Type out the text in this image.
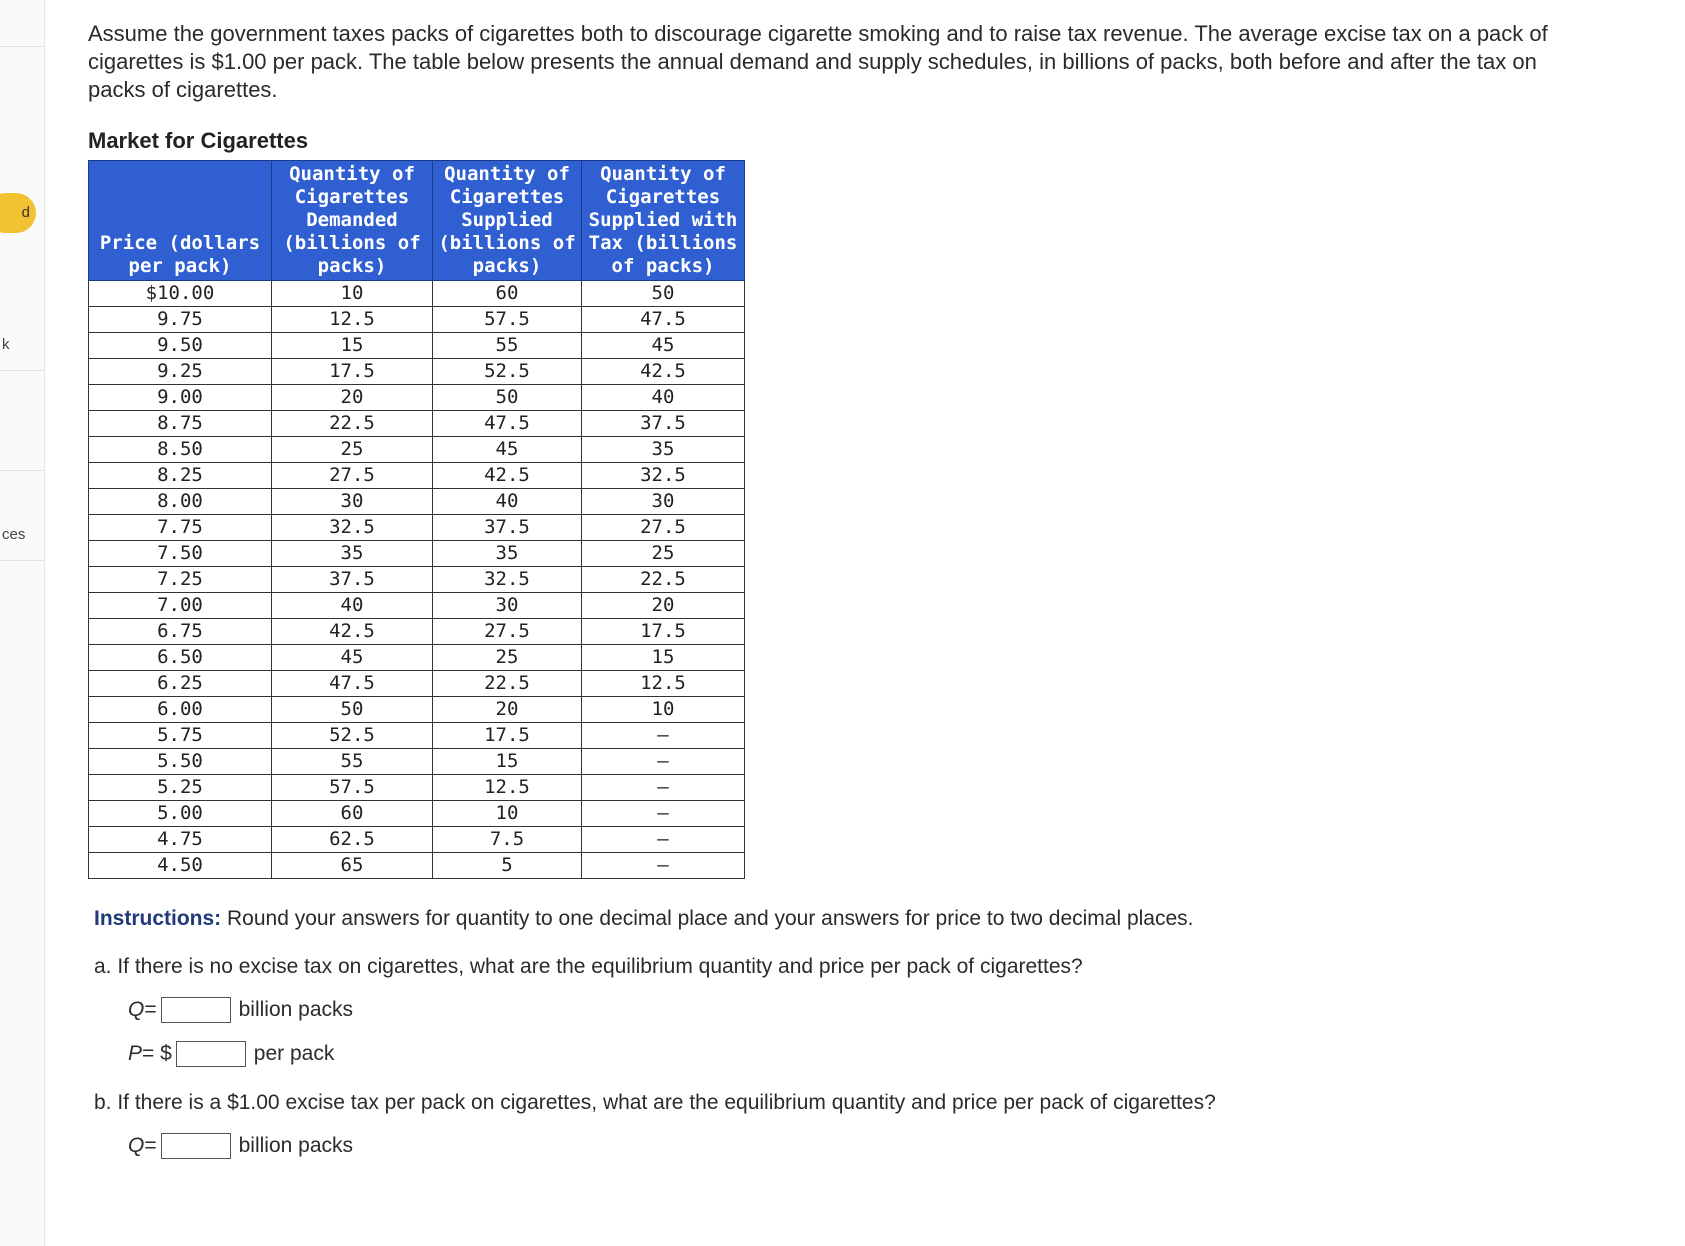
d
k
ces

Assume the government taxes packs of cigarettes both to discourage cigarette smoking and to raise tax revenue. The average excise tax on a pack of cigarettes is $1.00 per pack. The table below presents the annual demand and supply schedules, in billions of packs, both before and after the tax on packs of cigarettes.

Market for Cigarettes
Price (dollars per pack)	Quantity of Cigarettes Demanded (billions of packs)	Quantity of Cigarettes Supplied (billions of packs)	Quantity of Cigarettes Supplied with Tax (billions of packs)
$10.00	10	60	50
9.75	12.5	57.5	47.5
9.50	15	55	45
9.25	17.5	52.5	42.5
9.00	20	50	40
8.75	22.5	47.5	37.5
8.50	25	45	35
8.25	27.5	42.5	32.5
8.00	30	40	30
7.75	32.5	37.5	27.5
7.50	35	35	25
7.25	37.5	32.5	22.5
7.00	40	30	20
6.75	42.5	27.5	17.5
6.50	45	25	15
6.25	47.5	22.5	12.5
6.00	50	20	10
5.75	52.5	17.5	–
5.50	55	15	–
5.25	57.5	12.5	–
5.00	60	10	–
4.75	62.5	7.5	–
4.50	65	5	–
Instructions: Round your answers for quantity to one decimal place and your answers for price to two decimal places.
a. If there is no excise tax on cigarettes, what are the equilibrium quantity and price per pack of cigarettes?
Q =	billion packs
P = $	per pack
b. If there is a $1.00 excise tax per pack on cigarettes, what are the equilibrium quantity and price per pack of cigarettes?
Q =	billion packs
